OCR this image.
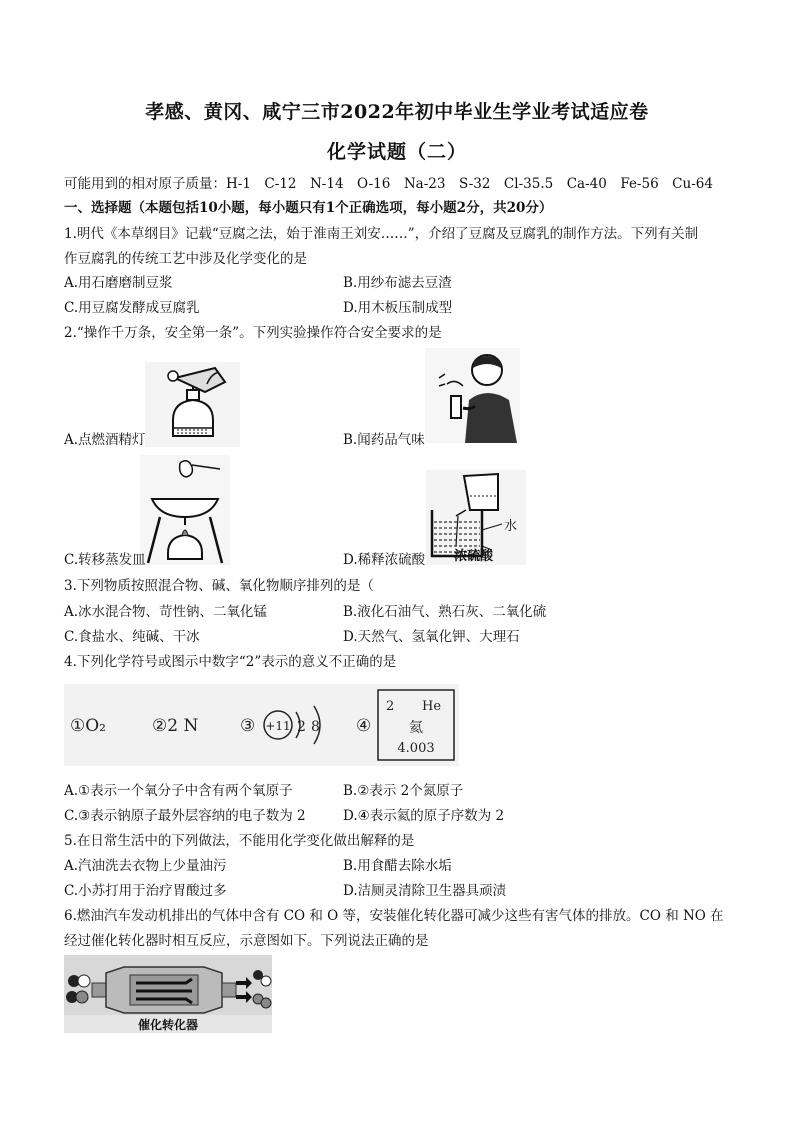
孝感、黄冈、咸宁三市2022年初中毕业生学业考试适应卷
化学试题（二）
可能用到的相对原子质量：H-1　C-12　N-14　O-16　Na-23　S-32　Cl-35.5　Ca-40　Fe-56　Cu-64
一、选择题（本题包括10小题，每小题只有1个正确选项，每小题2分，共20分）
1.明代《本草纲目》记载“豆腐之法，始于淮南王刘安……”，介绍了豆腐及豆腐乳的制作方法。下列有关制
作豆腐乳的传统工艺中涉及化学变化的是
A.用石磨磨制豆浆	B.用纱布滤去豆渣
C.用豆腐发酵成豆腐乳	D.用木板压制成型
2.“操作千万条，安全第一条”。下列实验操作符合安全要求的是
A.点燃酒精灯	B.闻药品气味
C.转移蒸发皿
水
浓硫酸
D.稀释浓硫酸
3.下列物质按照混合物、碱、氧化物顺序排列的是（
A.冰水混合物、苛性钠、二氧化锰	B.液化石油气、熟石灰、二氧化硫
C.食盐水、纯碱、干冰	D.天然气、氢氧化钾、大理石
4.下列化学符号或图示中数字“2”表示的意义不正确的是
①O₂	②2 N ③ +11 2 8 ④
2 He
氦
4.003
A.①表示一个氧分子中含有两个氧原子	B.②表示 2个氮原子
C.③表示钠原子最外层容纳的电子数为 2	D.④表示氦的原子序数为 2
5.在日常生活中的下列做法，不能用化学变化做出解释的是
A.汽油洗去衣物上少量油污	B.用食醋去除水垢
C.小苏打用于治疗胃酸过多	D.洁厕灵清除卫生器具顽渍
6.燃油汽车发动机排出的气体中含有 CO 和 O 等，安装催化转化器可减少这些有害气体的排放。CO 和 NO 在
经过催化转化器时相互反应，示意图如下。下列说法正确的是
催化转化器
